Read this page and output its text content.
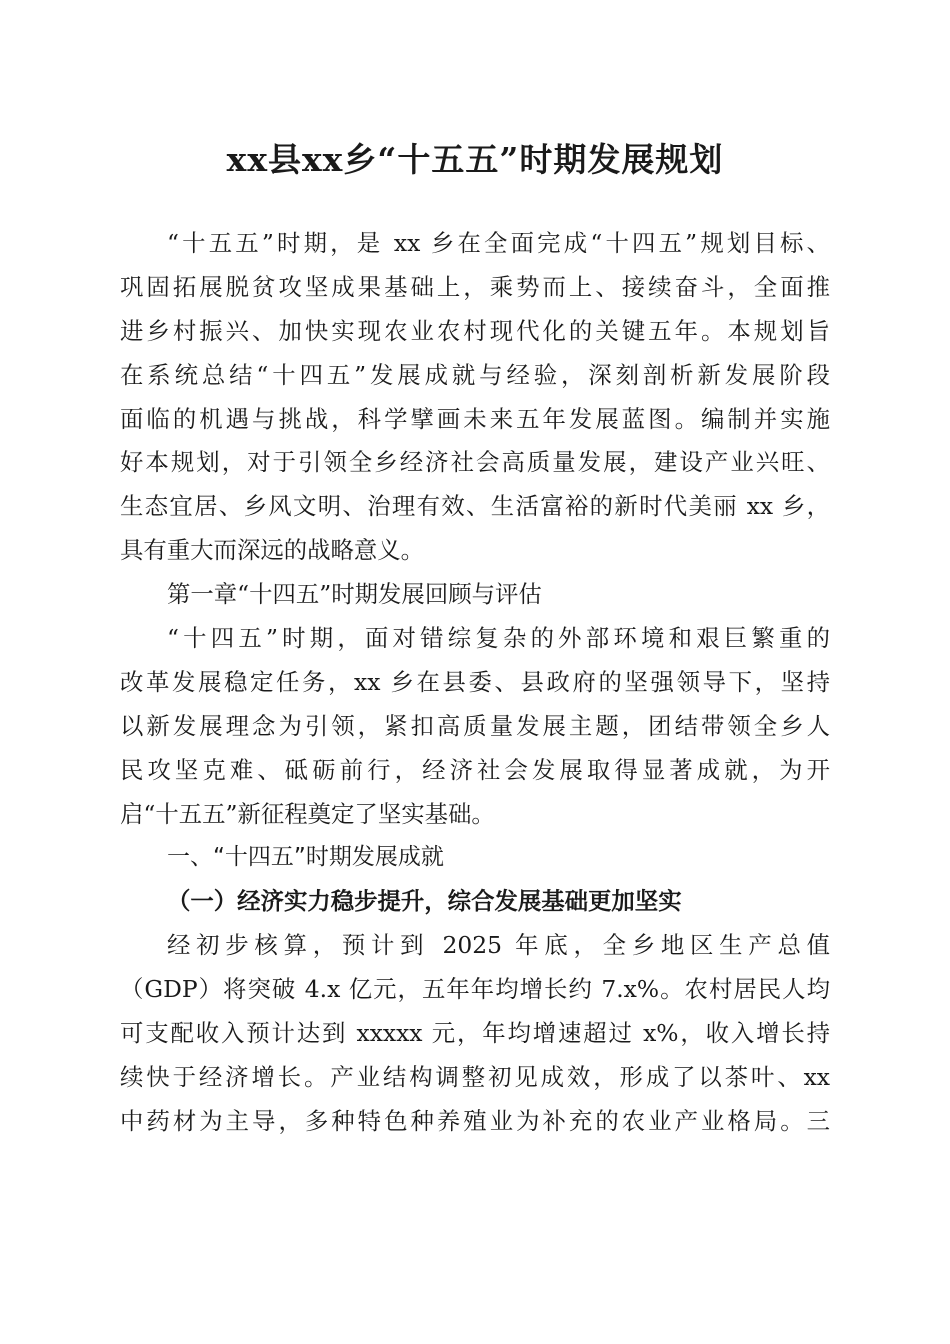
xx县xx乡“十五五”时期发展规划
“十五五”时期，是 xx 乡在全面完成“十四五”规划目标、
巩固拓展脱贫攻坚成果基础上，乘势而上、接续奋斗，全面推
进乡村振兴、加快实现农业农村现代化的关键五年。本规划旨
在系统总结“十四五”发展成就与经验，深刻剖析新发展阶段
面临的机遇与挑战，科学擘画未来五年发展蓝图。编制并实施
好本规划，对于引领全乡经济社会高质量发展，建设产业兴旺、
生态宜居、乡风文明、治理有效、生活富裕的新时代美丽 xx 乡，
具有重大而深远的战略意义。
第一章“十四五”时期发展回顾与评估
“十四五”时期，面对错综复杂的外部环境和艰巨繁重的
改革发展稳定任务，xx 乡在县委、县政府的坚强领导下，坚持
以新发展理念为引领，紧扣高质量发展主题，团结带领全乡人
民攻坚克难、砥砺前行，经济社会发展取得显著成就，为开
启“十五五”新征程奠定了坚实基础。
一、“十四五”时期发展成就
（一）经济实力稳步提升，综合发展基础更加坚实
经初步核算，预计到 2025 年底，全乡地区生产总值
（GDP）将突破 4.x 亿元，五年年均增长约 7.x%。农村居民人均
可支配收入预计达到 xxxxx 元，年均增速超过 x%，收入增长持
续快于经济增长。产业结构调整初见成效，形成了以茶叶、xx
中药材为主导，多种特色种养殖业为补充的农业产业格局。三
